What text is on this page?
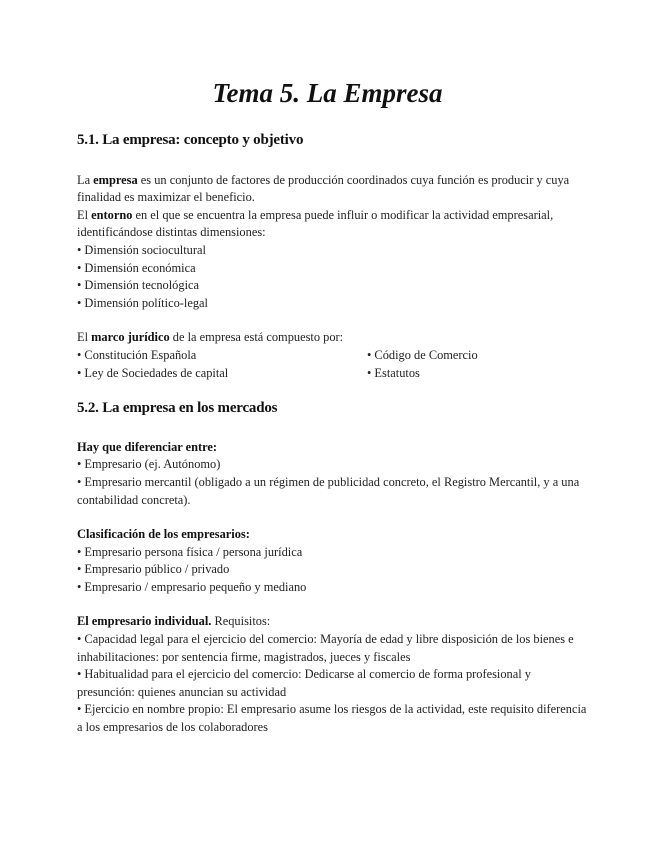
Tema 5. La Empresa
5.1. La empresa: concepto y objetivo

La empresa es un conjunto de factores de producción coordinados cuya función es producir y cuya finalidad es maximizar el beneficio.

El entorno en el que se encuentra la empresa puede influir o modificar la actividad empresarial, identificándose distintas dimensiones:

• Dimensión sociocultural

• Dimensión económica

• Dimensión tecnológica

• Dimensión político-legal

El marco jurídico de la empresa está compuesto por:

• Constitución Española

• Ley de Sociedades de capital

• Código de Comercio

• Estatutos

5.2. La empresa en los mercados

Hay que diferenciar entre:

• Empresario (ej. Autónomo)

• Empresario mercantil (obligado a un régimen de publicidad concreto, el Registro Mercantil, y a una contabilidad concreta).

Clasificación de los empresarios:

• Empresario persona física / persona jurídica

• Empresario público / privado

• Empresario / empresario pequeño y mediano

El empresario individual. Requisitos:

• Capacidad legal para el ejercicio del comercio: Mayoría de edad y libre disposición de los bienes e inhabilitaciones: por sentencia firme, magistrados, jueces y fiscales

• Habitualidad para el ejercicio del comercio: Dedicarse al comercio de forma profesional y presunción: quienes anuncian su actividad

• Ejercicio en nombre propio: El empresario asume los riesgos de la actividad, este requisito diferencia a los empresarios de los colaboradores
